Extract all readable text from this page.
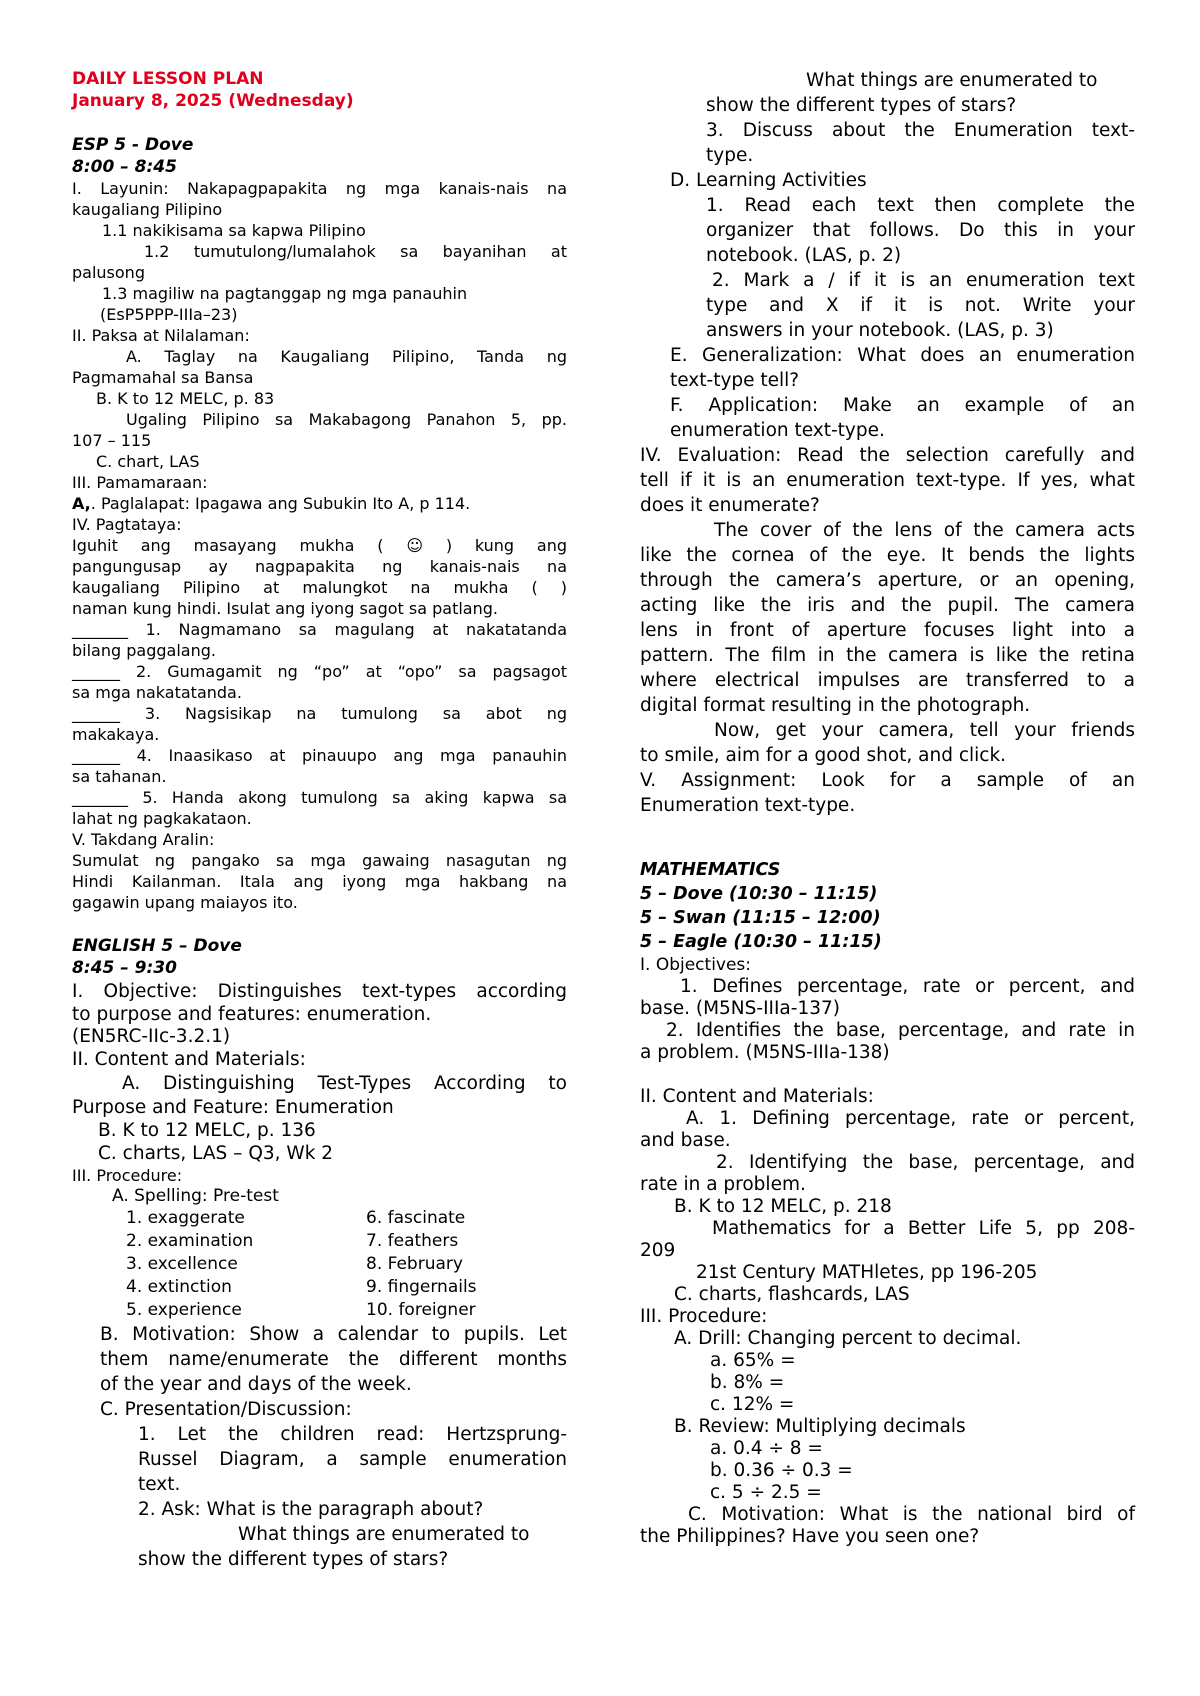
DAILY LESSON PLAN
January 8, 2025 (Wednesday)
ESP 5 - Dove
8:00 – 8:45
I. Layunin: Nakapagpapakita ng mga kanais-nais na
kaugaliang Pilipino
1.1 nakikisama sa kapwa Pilipino
1.2 tumutulong/lumalahok sa bayanihan at
palusong
1.3 magiliw na pagtanggap ng mga panauhin
(EsP5PPP-IIIa–23)
II. Paksa at Nilalaman:
A. Taglay na Kaugaliang Pilipino, Tanda ng
Pagmamahal sa Bansa
B. K to 12 MELC, p. 83
Ugaling Pilipino sa Makabagong Panahon 5, pp.
107 – 115
C. chart, LAS
III. Pamamaraan:
A,. Paglalapat: Ipagawa ang Subukin Ito A, p 114.
IV. Pagtataya:
Iguhit ang masayang mukha ( ☺ ) kung ang
pangungusap ay nagpapakita ng kanais-nais na
kaugaliang Pilipino at malungkot na mukha ( )
naman kung hindi. Isulat ang iyong sagot sa patlang.
_______ 1. Nagmamano sa magulang at nakatatanda
bilang paggalang.
______ 2. Gumagamit ng “po” at “opo” sa pagsagot
sa mga nakatatanda.
______ 3. Nagsisikap na tumulong sa abot ng
makakaya.
______ 4. Inaasikaso at pinauupo ang mga panauhin
sa tahanan.
_______ 5. Handa akong tumulong sa aking kapwa sa
lahat ng pagkakataon.
V. Takdang Aralin:
Sumulat ng pangako sa mga gawaing nasagutan ng
Hindi Kailanman. Itala ang iyong mga hakbang na
gagawin upang maiayos ito.
ENGLISH 5 – Dove
8:45 – 9:30
I. Objective: Distinguishes text-types according
to purpose and features: enumeration.
(EN5RC-IIc-3.2.1)
II. Content and Materials:
A. Distinguishing Test-Types According to
Purpose and Feature: Enumeration
B. K to 12 MELC, p. 136
C. charts, LAS – Q3, Wk 2
III. Procedure:
A. Spelling: Pre-test
1. exaggerate
2. examination
3. excellence
4. extinction
5. experience
6. fascinate
7. feathers
8. February
9. fingernails
10. foreigner
B. Motivation: Show a calendar to pupils. Let
them name/enumerate the different months
of the year and days of the week.
C. Presentation/Discussion:
1. Let the children read: Hertzsprung-
Russel Diagram, a sample enumeration
text.
2. Ask: What is the paragraph about?
What things are enumerated to
show the different types of stars?
What things are enumerated to
show the different types of stars?
3. Discuss about the Enumeration text-
type.
D. Learning Activities
1. Read each text then complete the
organizer that follows. Do this in your
notebook. (LAS, p. 2)
2. Mark a / if it is an enumeration text
type and X if it is not. Write your
answers in your notebook. (LAS, p. 3)
E. Generalization: What does an enumeration
text-type tell?
F. Application: Make an example of an
enumeration text-type.
IV. Evaluation: Read the selection carefully and
tell if it is an enumeration text-type. If yes, what
does it enumerate?
The cover of the lens of the camera acts
like the cornea of the eye. It bends the lights
through the camera’s aperture, or an opening,
acting like the iris and the pupil. The camera
lens in front of aperture focuses light into a
pattern. The film in the camera is like the retina
where electrical impulses are transferred to a
digital format resulting in the photograph.
Now, get your camera, tell your friends
to smile, aim for a good shot, and click.
V. Assignment: Look for a sample of an
Enumeration text-type.
MATHEMATICS
5 – Dove (10:30 – 11:15)
5 – Swan (11:15 – 12:00)
5 – Eagle (10:30 – 11:15)
I. Objectives:
1. Defines percentage, rate or percent, and
base. (M5NS-IIIa-137)
2. Identifies the base, percentage, and rate in
a problem. (M5NS-IIIa-138)
II. Content and Materials:
A. 1. Defining percentage, rate or percent,
and base.
2. Identifying the base, percentage, and
rate in a problem.
B. K to 12 MELC, p. 218
Mathematics for a Better Life 5, pp 208-
209
21st Century MATHletes, pp 196-205
C. charts, flashcards, LAS
III. Procedure:
A. Drill: Changing percent to decimal.
a. 65% =
b. 8% =
c. 12% =
B. Review: Multiplying decimals
a. 0.4 ÷ 8 =
b. 0.36 ÷ 0.3 =
c. 5 ÷ 2.5 =
C. Motivation: What is the national bird of
the Philippines? Have you seen one?
